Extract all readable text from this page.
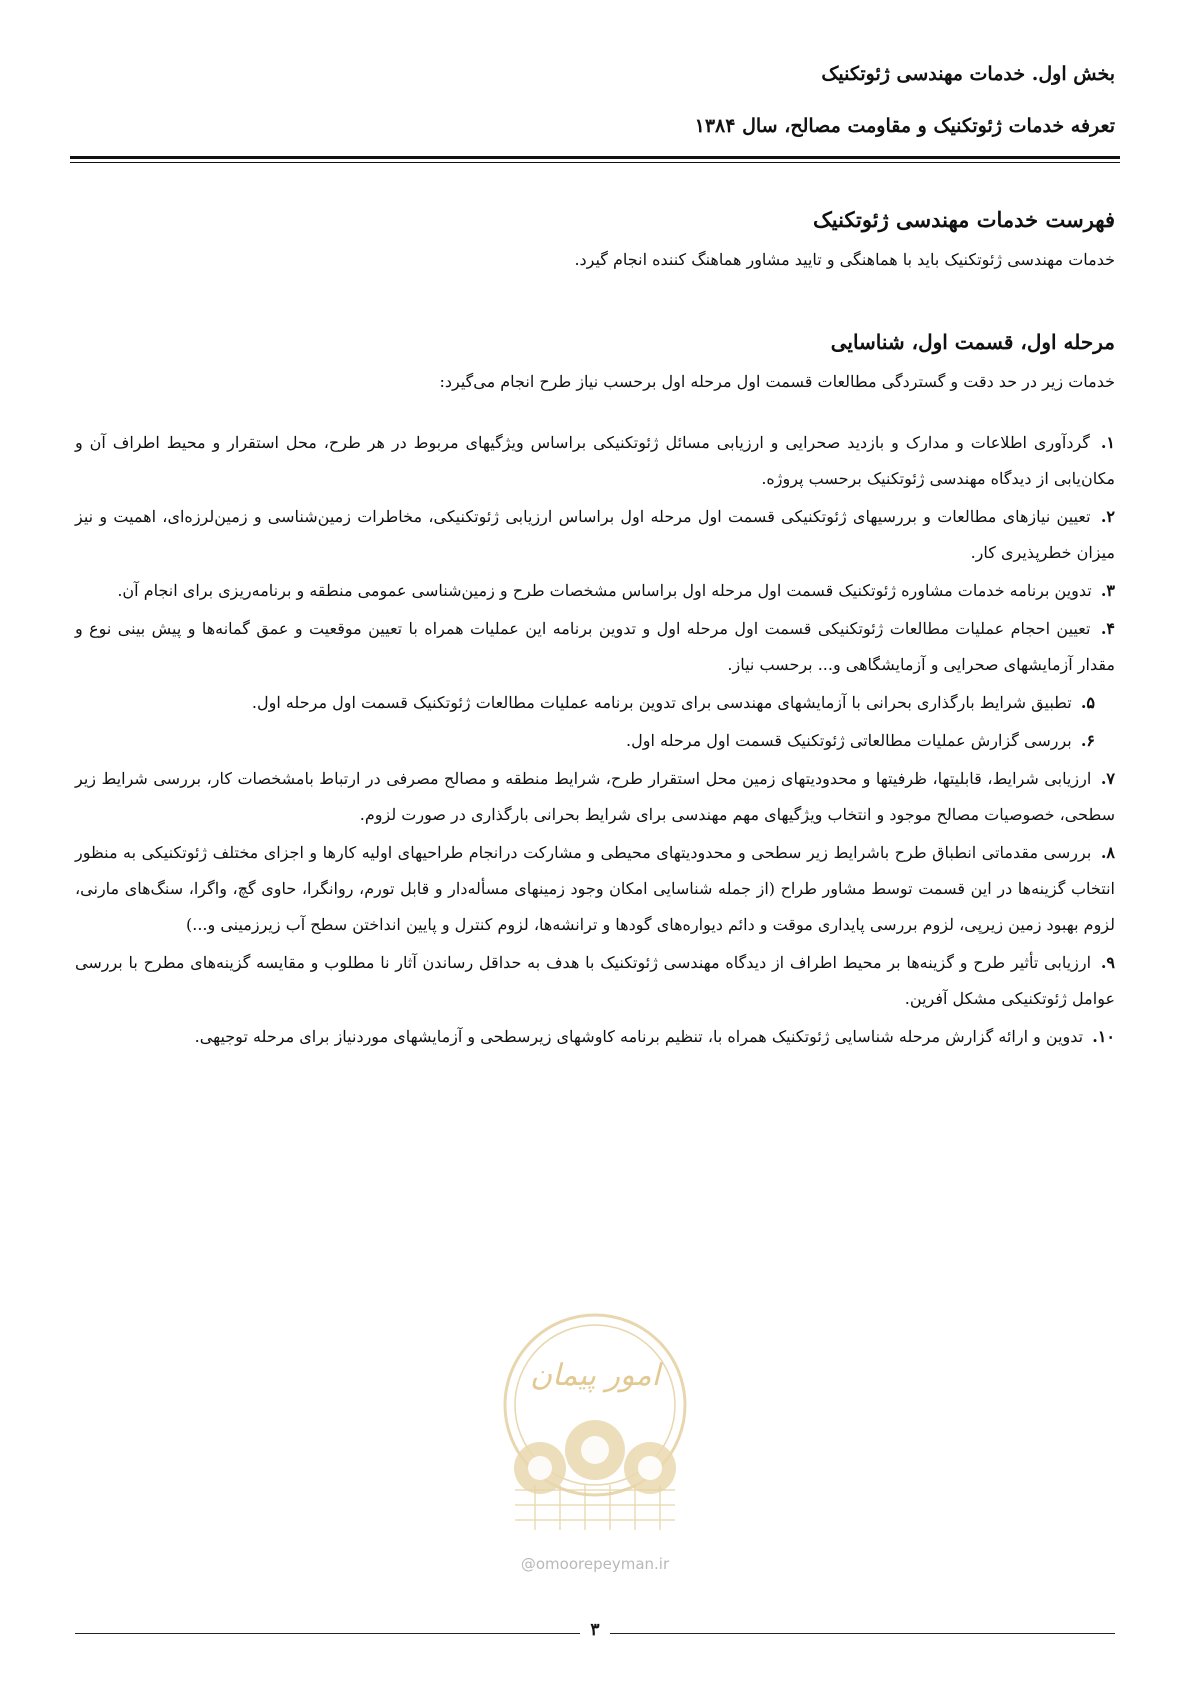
بخش اول. خدمات مهندسی ژئوتکنیک
تعرفه خدمات ژئوتکنیک و مقاومت مصالح، سال ۱۳۸۴
فهرست خدمات مهندسی ژئوتکنیک

خدمات مهندسی ژئوتکنیک باید با هماهنگی و تایید مشاور هماهنگ کننده انجام گیرد.

مرحله اول، قسمت اول، شناسایی

خدمات زیر در حد دقت و گستردگی مطالعات قسمت اول مرحله اول برحسب نیاز طرح انجام می‌گیرد:

۱. گردآوری اطلاعات و مدارک و بازدید صحرایی و ارزیابی مسائل ژئوتکنیکی براساس ویژگیهای مربوط در هر طرح، محل استقرار و محیط اطراف آن و مکان‌یابی از دیدگاه مهندسی ژئوتکنیک برحسب پروژه.
۲. تعیین نیازهای مطالعات و بررسیهای ژئوتکنیکی قسمت اول مرحله اول براساس ارزیابی ژئوتکنیکی، مخاطرات زمین‌شناسی و زمین‌لرزه‌ای، اهمیت و نیز میزان خطرپذیری کار.
۳. تدوین برنامه خدمات مشاوره ژئوتکنیک قسمت اول مرحله اول براساس مشخصات طرح و زمین‌شناسی عمومی منطقه و برنامه‌ریزی برای انجام آن.
۴. تعیین احجام عملیات مطالعات ژئوتکنیکی قسمت اول مرحله اول و تدوین برنامه این عملیات همراه با تعیین موقعیت و عمق گمانه‌ها و پیش بینی نوع و مقدار آزمایشهای صحرایی و آزمایشگاهی و... برحسب نیاز.
۵. تطبیق شرایط بارگذاری بحرانی با آزمایشهای مهندسی برای تدوین برنامه عملیات مطالعات ژئوتکنیک قسمت اول مرحله اول.
۶. بررسی گزارش عملیات مطالعاتی ژئوتکنیک قسمت اول مرحله اول.
۷. ارزیابی شرایط، قابلیتها، ظرفیتها و محدودیتهای زمین محل استقرار طرح، شرایط منطقه و مصالح مصرفی در ارتباط بامشخصات کار، بررسی شرایط زیر سطحی، خصوصیات مصالح موجود و انتخاب ویژگیهای مهم مهندسی برای شرایط بحرانی بارگذاری در صورت لزوم.
۸. بررسی مقدماتی انطباق طرح باشرایط زیر سطحی و محدودیتهای محیطی و مشارکت درانجام طراحیهای اولیه کارها و اجزای مختلف ژئوتکنیکی به منظور انتخاب گزینه‌ها در این قسمت توسط مشاور طراح (از جمله شناسایی امکان وجود زمینهای مسأله‌دار و قابل تورم، روانگرا، حاوی گچ، واگرا، سنگ‌های مارنی، لزوم بهبود زمین زیرپی، لزوم بررسی پایداری موقت و دائم دیواره‌های گودها و ترانشه‌ها، لزوم کنترل و پایین انداختن سطح آب زیرزمینی و...)
۹. ارزیابی تأثیر طرح و گزینه‌ها بر محیط اطراف از دیدگاه مهندسی ژئوتکنیک با هدف به حداقل رساندن آثار نا مطلوب و مقایسه گزینه‌های مطرح با بررسی عوامل ژئوتکنیکی مشکل آفرین.
۱۰. تدوین و ارائه گزارش مرحله شناسایی ژئوتکنیک همراه با، تنظیم برنامه کاوشهای زیرسطحی و آزمایشهای موردنیاز برای مرحله توجیهی.
امور پیمان
@omoorepeyman.ir
۳
